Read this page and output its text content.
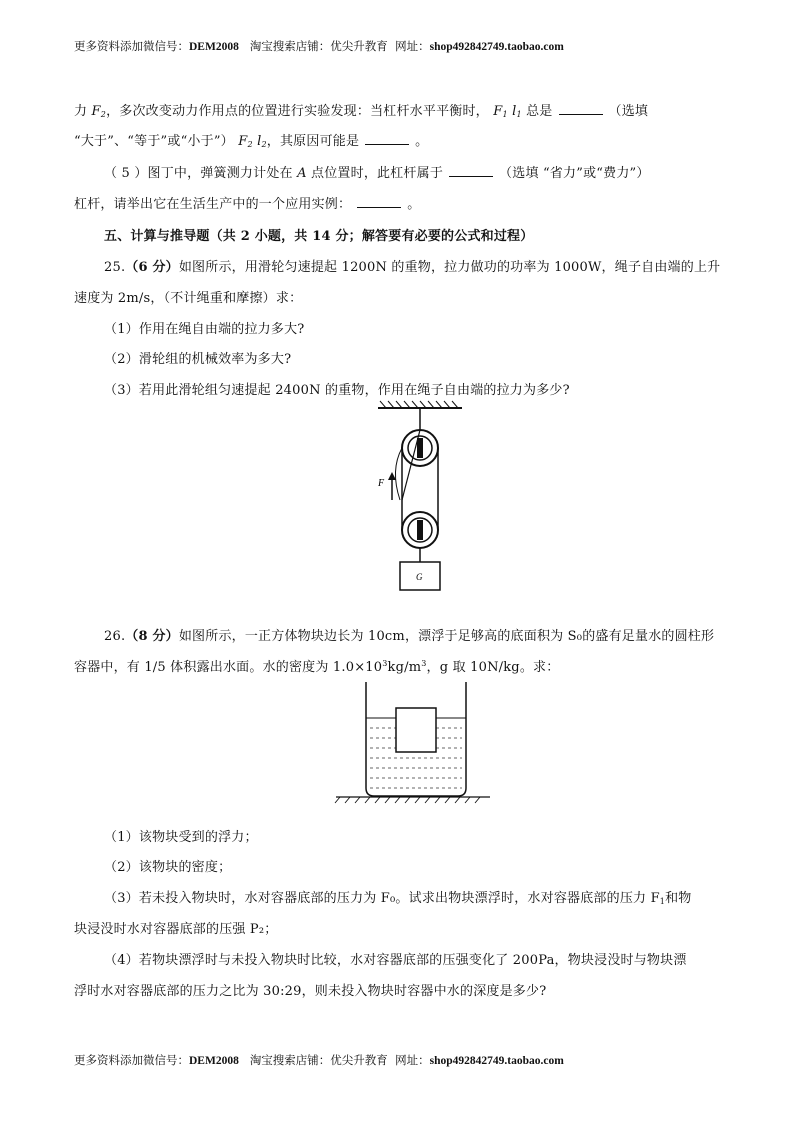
更多资料添加微信号：DEM2008 淘宝搜索店铺：优尖升教育 网址：shop492842749.taobao.com
力 $F_2$，多次改变动力作用点的位置进行实验发现：当杠杆水平平衡时， $F_1$ $l_1$ 总是	（选填
“大于”、“等于”或“小于”） $F_2$ $l_2$，其原因可能是	。
（ 5 ）图丁中，弹簧测力计处在 A 点位置时，此杠杆属于	（选填 “省力”或“费力”）
杠杆，请举出它在生活生产中的一个应用实例：	。
五、计算与推导题（共 2 小题，共 14 分；解答要有必要的公式和过程）
25.（6 分）如图所示，用滑轮匀速提起 1200N 的重物，拉力做功的功率为 1000W，绳子自由端的上升
速度为 2m/s，（不计绳重和摩擦）求：
（1）作用在绳自由端的拉力多大?
（2）滑轮组的机械效率为多大?
（3）若用此滑轮组匀速提起 2400N 的重物，作用在绳子自由端的拉力为多少?
F
G
26.（8 分）如图所示，一正方体物块边长为 10cm，漂浮于足够高的底面积为 S₀的盛有足量水的圆柱形
容器中，有 1/5 体积露出水面。水的密度为 $1.0\times 10^3kg/m^3$，g 取 10N/kg。求：
（1）该物块受到的浮力；
（2）该物块的密度；
（3）若未投入物块时，水对容器底部的压力为 F₀。试求出物块漂浮时，水对容器底部的压力 $F_1$和物
块浸没时水对容器底部的压强 P₂；
（4）若物块漂浮时与未投入物块时比较，水对容器底部的压强变化了 200Pa，物块浸没时与物块漂
浮时水对容器底部的压力之比为 30:29，则未投入物块时容器中水的深度是多少?
更多资料添加微信号：DEM2008 淘宝搜索店铺：优尖升教育 网址：shop492842749.taobao.com
